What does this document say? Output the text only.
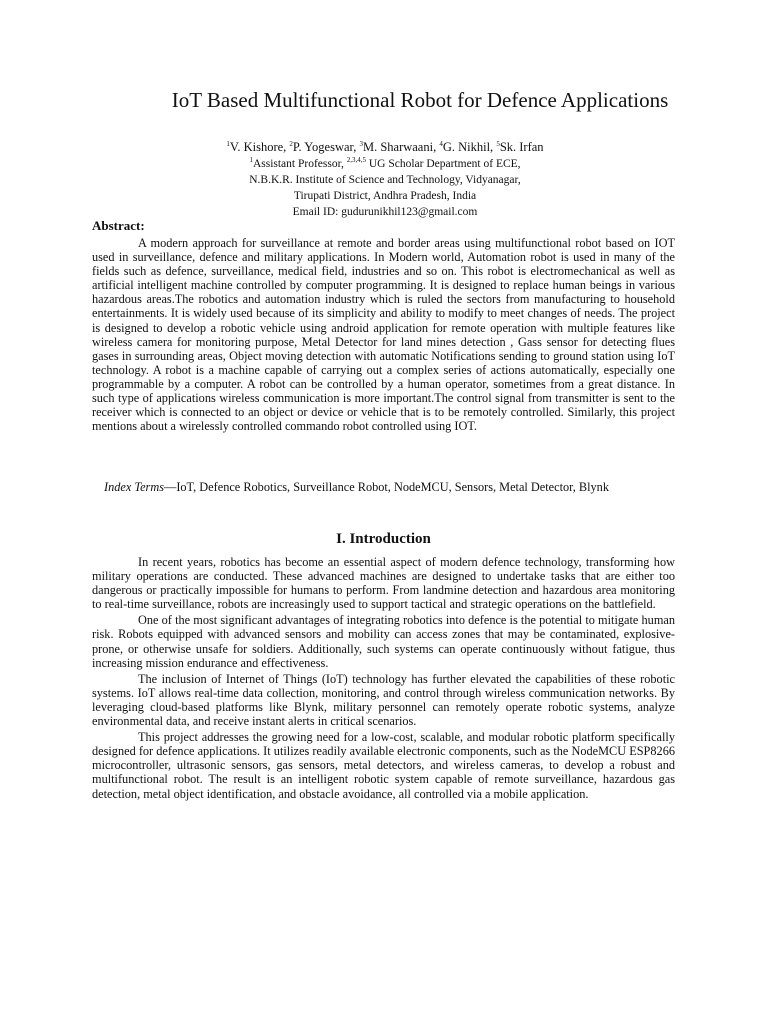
IoT Based Multifunctional Robot for Defence Applications
$^1$V. Kishore, $^2$P. Yogeswar, $^3$M. Sharwaani, $^4$G. Nikhil, $^5$Sk. Irfan
$^1$Assistant Professor, $^{2,3,4,5}$ UG Scholar Department of ECE,
N.B.K.R. Institute of Science and Technology, Vidyanagar,
Tirupati District, Andhra Pradesh, India
Email ID: gudurunikhil123@gmail.com
Abstract:

A modern approach for surveillance at remote and border areas using multifunctional robot based on IOT used in surveillance, defence and military applications. In Modern world, Automation robot is used in many of the fields such as defence, surveillance, medical field, industries and so on. This robot is electromechanical as well as artificial intelligent machine controlled by computer programming. It is designed to replace human beings in various hazardous areas.The robotics and automation industry which is ruled the sectors from manufacturing to household entertainments. It is widely used because of its simplicity and ability to modify to meet changes of needs. The project is designed to develop a robotic vehicle using android application for remote operation with multiple features like wireless camera for monitoring purpose, Metal Detector for land mines detection , Gass sensor for detecting flues gases in surrounding areas, Object moving detection with automatic Notifications sending to ground station using IoT technology. A robot is a machine capable of carrying out a complex series of actions automatically, especially one programmable by a computer. A robot can be controlled by a human operator, sometimes from a great distance. In such type of applications wireless communication is more important.The control signal from transmitter is sent to the receiver which is connected to an object or device or vehicle that is to be remotely controlled. Similarly, this project mentions about a wirelessly controlled commando robot controlled using IOT.

Index Terms—IoT, Defence Robotics, Surveillance Robot, NodeMCU, Sensors, Metal Detector, Blynk

I. Introduction

In recent years, robotics has become an essential aspect of modern defence technology, transforming how military operations are conducted. These advanced machines are designed to undertake tasks that are either too dangerous or practically impossible for humans to perform. From landmine detection and hazardous area monitoring to real-time surveillance, robots are increasingly used to support tactical and strategic operations on the battlefield.

One of the most significant advantages of integrating robotics into defence is the potential to mitigate human risk. Robots equipped with advanced sensors and mobility can access zones that may be contaminated, explosive-prone, or otherwise unsafe for soldiers. Additionally, such systems can operate continuously without fatigue, thus increasing mission endurance and effectiveness.

The inclusion of Internet of Things (IoT) technology has further elevated the capabilities of these robotic systems. IoT allows real-time data collection, monitoring, and control through wireless communication networks. By leveraging cloud-based platforms like Blynk, military personnel can remotely operate robotic systems, analyze environmental data, and receive instant alerts in critical scenarios.

This project addresses the growing need for a low-cost, scalable, and modular robotic platform specifically designed for defence applications. It utilizes readily available electronic components, such as the NodeMCU ESP8266 microcontroller, ultrasonic sensors, gas sensors, metal detectors, and wireless cameras, to develop a robust and multifunctional robot. The result is an intelligent robotic system capable of remote surveillance, hazardous gas detection, metal object identification, and obstacle avoidance, all controlled via a mobile application.
